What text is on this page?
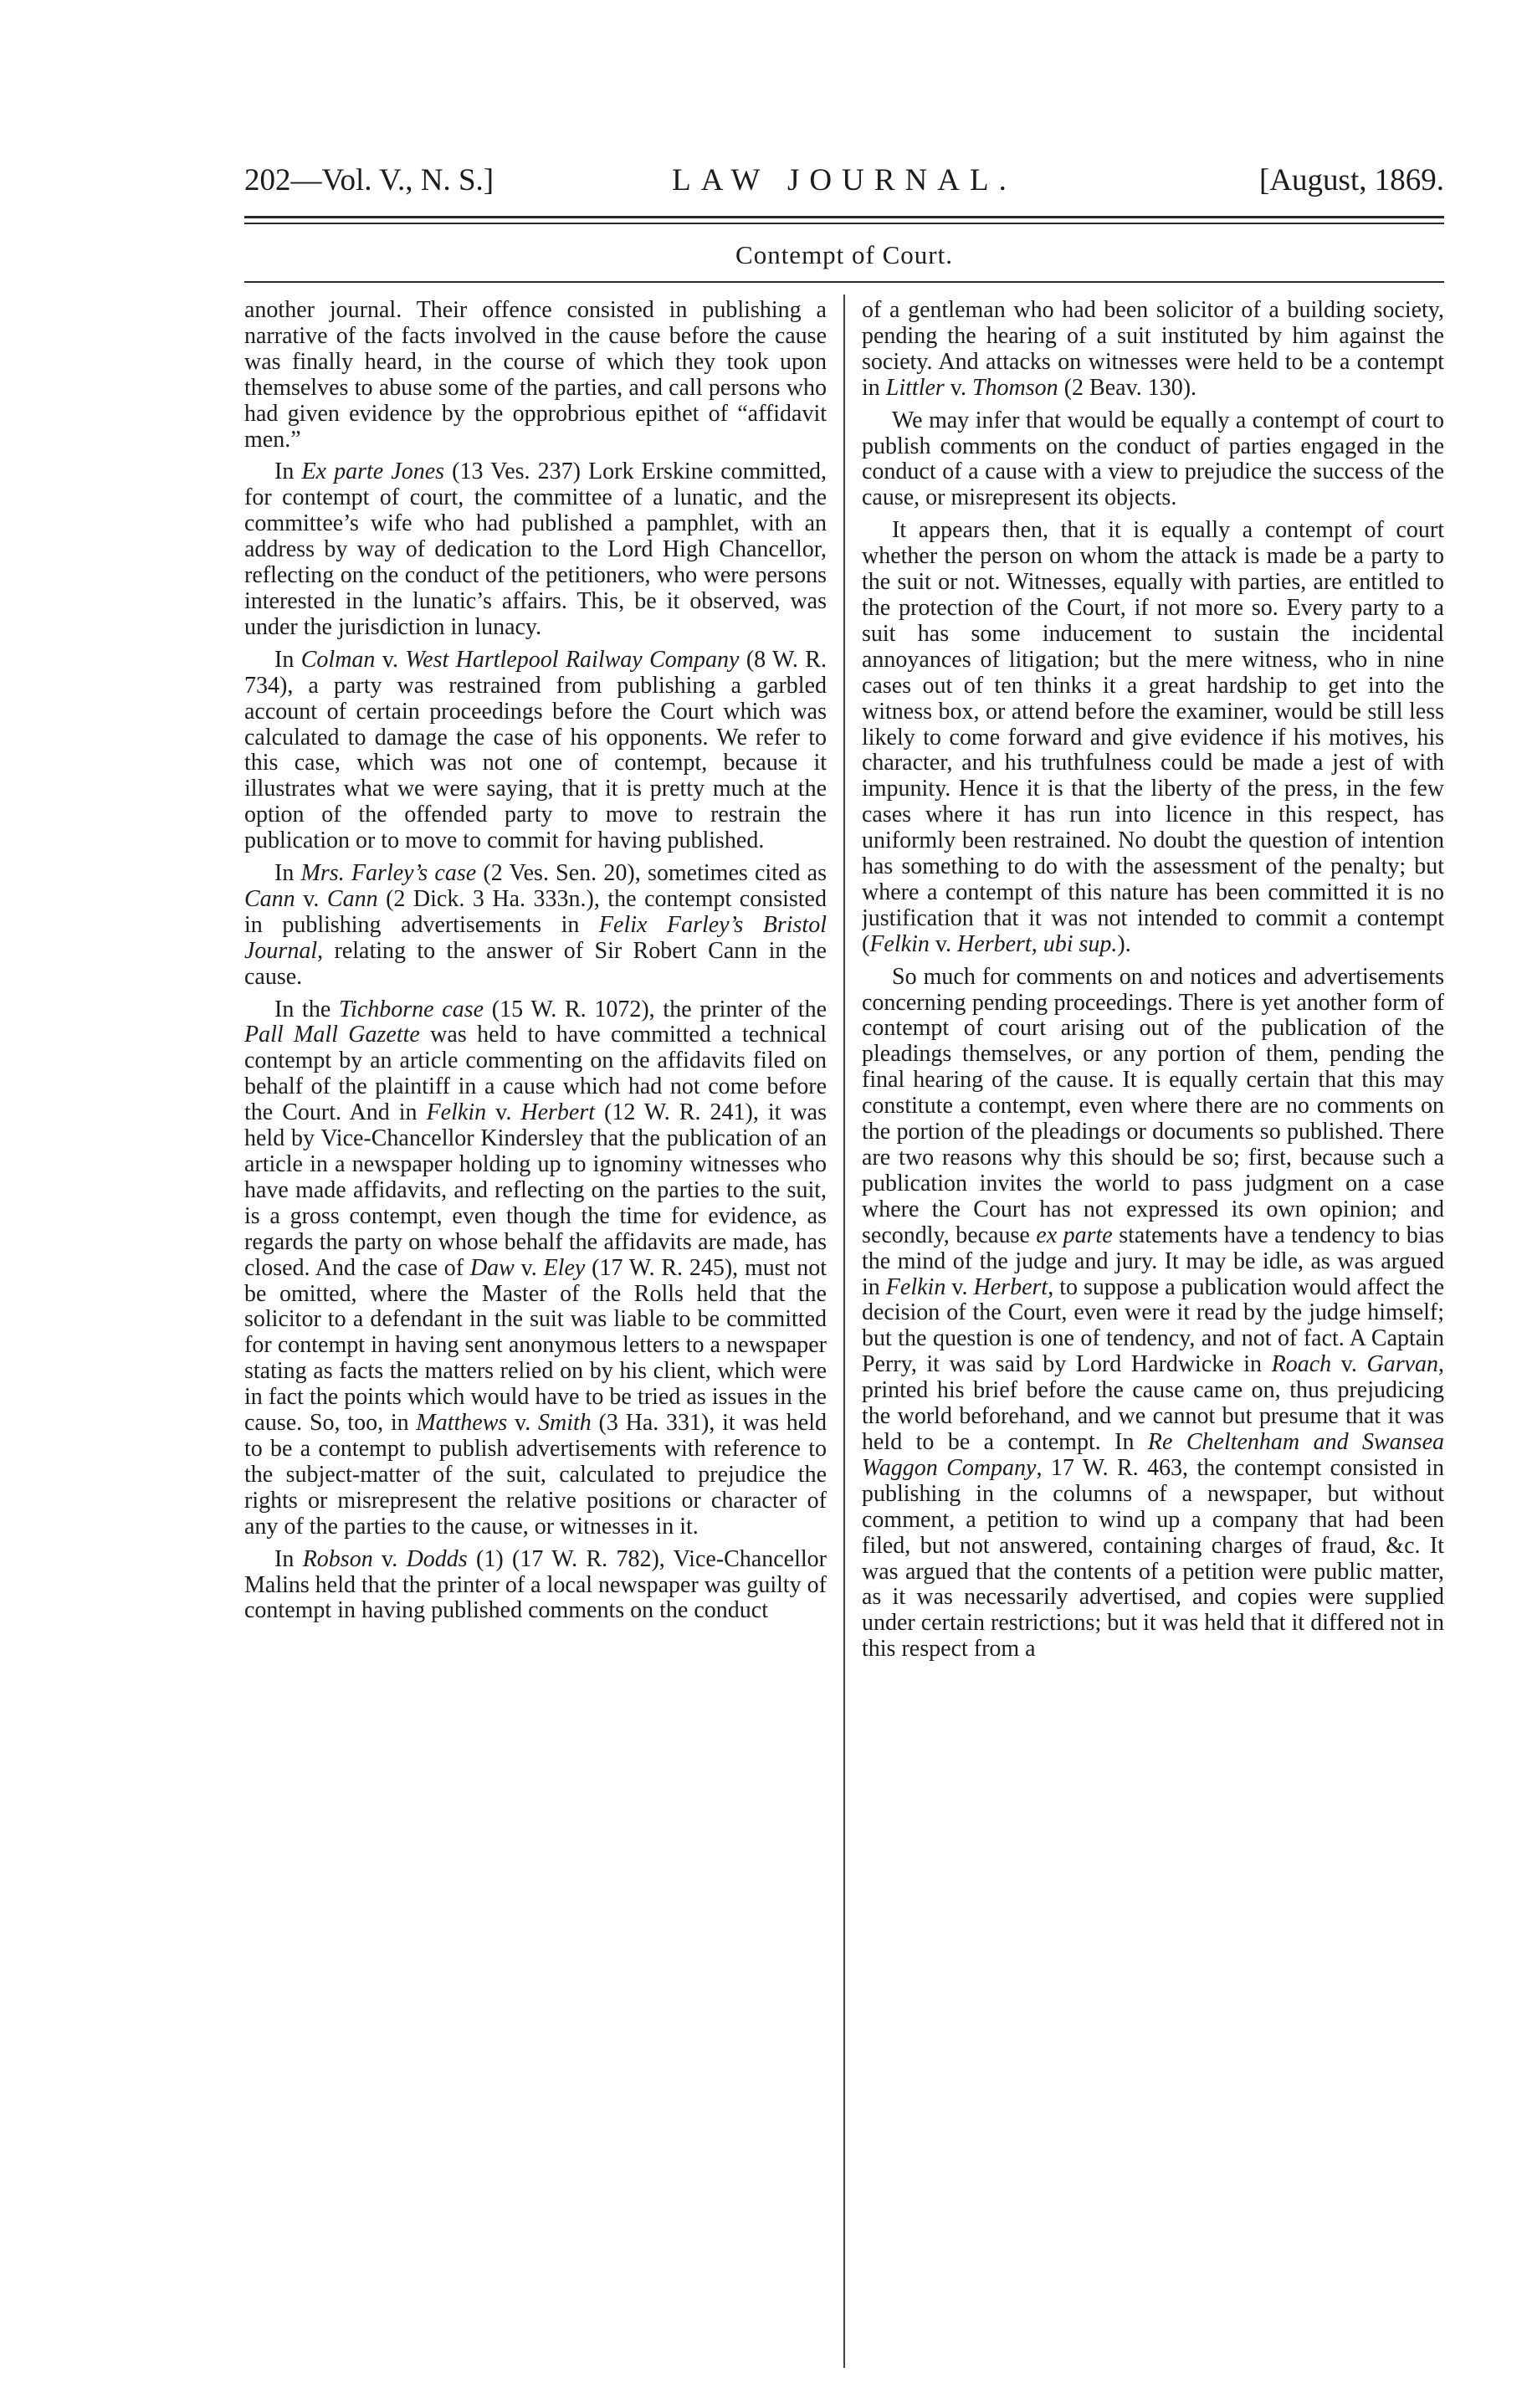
202—Vol. V., N. S.]	LAW JOURNAL.	[August, 1869.
Contempt of Court.

another journal. Their offence consisted in publishing a narrative of the facts involved in the cause before the cause was finally heard, in the course of which they took upon themselves to abuse some of the parties, and call persons who had given evidence by the opprobrious epithet of “affidavit men.”

In Ex parte Jones (13 Ves. 237) Lork Erskine committed, for contempt of court, the committee of a lunatic, and the committee’s wife who had published a pamphlet, with an address by way of dedication to the Lord High Chancellor, reflecting on the conduct of the petitioners, who were persons interested in the lunatic’s affairs. This, be it observed, was under the jurisdiction in lunacy.

In Colman v. West Hartlepool Railway Company (8 W. R. 734), a party was restrained from publishing a garbled account of certain proceedings before the Court which was calculated to damage the case of his opponents. We refer to this case, which was not one of contempt, because it illustrates what we were saying, that it is pretty much at the option of the offended party to move to restrain the publication or to move to commit for having published.

In Mrs. Farley’s case (2 Ves. Sen. 20), sometimes cited as Cann v. Cann (2 Dick. 3 Ha. 333n.), the contempt consisted in publishing advertisements in Felix Farley’s Bristol Journal, relating to the answer of Sir Robert Cann in the cause.

In the Tichborne case (15 W. R. 1072), the printer of the Pall Mall Gazette was held to have committed a technical contempt by an article commenting on the affidavits filed on behalf of the plaintiff in a cause which had not come before the Court. And in Felkin v. Herbert (12 W. R. 241), it was held by Vice-Chancellor Kindersley that the publication of an article in a newspaper holding up to ignominy witnesses who have made affidavits, and reflecting on the parties to the suit, is a gross contempt, even though the time for evidence, as regards the party on whose behalf the affidavits are made, has closed. And the case of Daw v. Eley (17 W. R. 245), must not be omitted, where the Master of the Rolls held that the solicitor to a defendant in the suit was liable to be committed for contempt in having sent anonymous letters to a newspaper stating as facts the matters relied on by his client, which were in fact the points which would have to be tried as issues in the cause. So, too, in Matthews v. Smith (3 Ha. 331), it was held to be a contempt to publish advertisements with reference to the subject-matter of the suit, calculated to prejudice the rights or misrepresent the relative positions or character of any of the parties to the cause, or witnesses in it.

In Robson v. Dodds (1) (17 W. R. 782), Vice-Chancellor Malins held that the printer of a local newspaper was guilty of contempt in having published comments on the conduct

of a gentleman who had been solicitor of a building society, pending the hearing of a suit instituted by him against the society. And attacks on witnesses were held to be a contempt in Littler v. Thomson (2 Beav. 130).

We may infer that would be equally a contempt of court to publish comments on the conduct of parties engaged in the conduct of a cause with a view to prejudice the success of the cause, or misrepresent its objects.

It appears then, that it is equally a contempt of court whether the person on whom the attack is made be a party to the suit or not. Witnesses, equally with parties, are entitled to the protection of the Court, if not more so. Every party to a suit has some inducement to sustain the incidental annoyances of litigation; but the mere witness, who in nine cases out of ten thinks it a great hardship to get into the witness box, or attend before the examiner, would be still less likely to come forward and give evidence if his motives, his character, and his truthfulness could be made a jest of with impunity. Hence it is that the liberty of the press, in the few cases where it has run into licence in this respect, has uniformly been restrained. No doubt the question of intention has something to do with the assessment of the penalty; but where a contempt of this nature has been committed it is no justification that it was not intended to commit a contempt (Felkin v. Herbert, ubi sup.).

So much for comments on and notices and advertisements concerning pending proceedings. There is yet another form of contempt of court arising out of the publication of the pleadings themselves, or any portion of them, pending the final hearing of the cause. It is equally certain that this may constitute a contempt, even where there are no comments on the portion of the pleadings or documents so published. There are two reasons why this should be so; first, because such a publication invites the world to pass judgment on a case where the Court has not expressed its own opinion; and secondly, because ex parte statements have a tendency to bias the mind of the judge and jury. It may be idle, as was argued in Felkin v. Herbert, to suppose a publication would affect the decision of the Court, even were it read by the judge himself; but the question is one of tendency, and not of fact. A Captain Perry, it was said by Lord Hardwicke in Roach v. Garvan, printed his brief before the cause came on, thus prejudicing the world beforehand, and we cannot but presume that it was held to be a contempt. In Re Cheltenham and Swansea Waggon Company, 17 W. R. 463, the contempt consisted in publishing in the columns of a newspaper, but without comment, a petition to wind up a company that had been filed, but not answered, containing charges of fraud, &c. It was argued that the contents of a petition were public matter, as it was necessarily advertised, and copies were supplied under certain restrictions; but it was held that it differed not in this respect from a
